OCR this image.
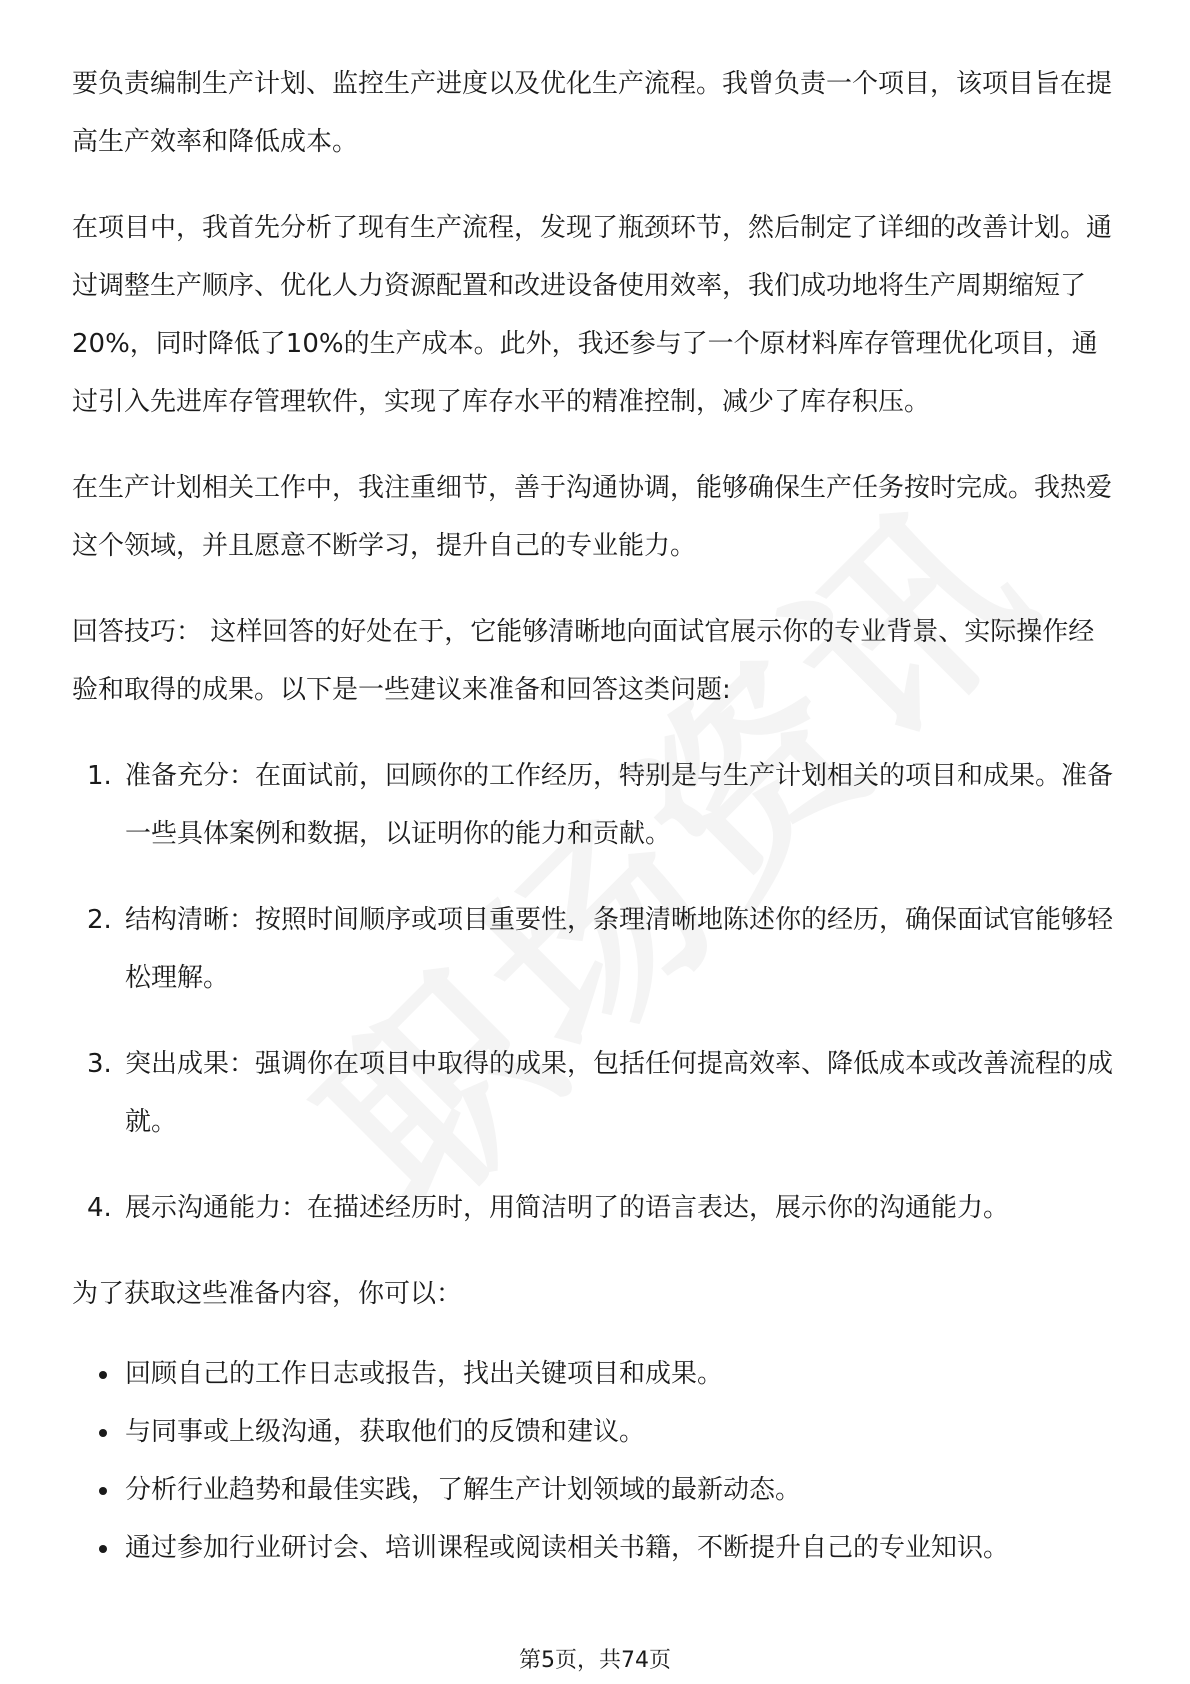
要负责编制生产计划、监控生产进度以及优化生产流程。我曾负责一个项目，该项目旨在提高生产效率和降低成本。

在项目中，我首先分析了现有生产流程，发现了瓶颈环节，然后制定了详细的改善计划。通过调整生产顺序、优化人力资源配置和改进设备使用效率，我们成功地将生产周期缩短了20%，同时降低了10%的生产成本。此外，我还参与了一个原材料库存管理优化项目，通过引入先进库存管理软件，实现了库存水平的精准控制，减少了库存积压。

在生产计划相关工作中，我注重细节，善于沟通协调，能够确保生产任务按时完成。我热爱这个领域，并且愿意不断学习，提升自己的专业能力。

回答技巧： 这样回答的好处在于，它能够清晰地向面试官展示你的专业背景、实际操作经验和取得的成果。以下是一些建议来准备和回答这类问题:

1. 准备充分：在面试前，回顾你的工作经历，特别是与生产计划相关的项目和成果。准备一些具体案例和数据，以证明你的能力和贡献。
2. 结构清晰：按照时间顺序或项目重要性，条理清晰地陈述你的经历，确保面试官能够轻松理解。
3. 突出成果：强调你在项目中取得的成果，包括任何提高效率、降低成本或改善流程的成就。
4. 展示沟通能力：在描述经历时，用简洁明了的语言表达，展示你的沟通能力。

为了获取这些准备内容，你可以：

回顾自己的工作日志或报告，找出关键项目和成果。
与同事或上级沟通，获取他们的反馈和建议。
分析行业趋势和最佳实践，了解生产计划领域的最新动态。
通过参加行业研讨会、培训课程或阅读相关书籍，不断提升自己的专业知识。
第5页，共74页
